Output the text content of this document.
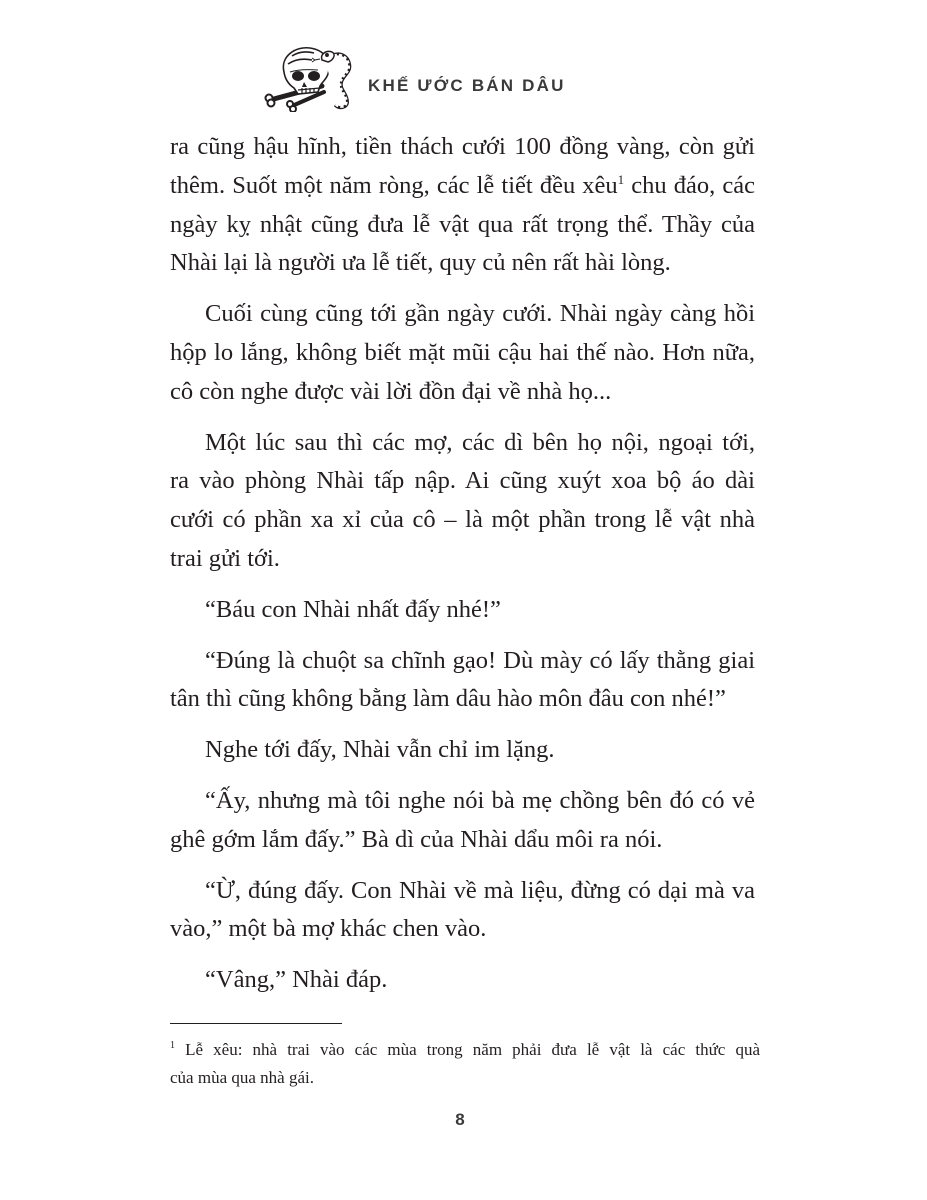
KHẾ ƯỚC BÁN DÂU

ra cũng hậu hĩnh, tiền thách cưới 100 đồng vàng, còn gửi
thêm. Suốt một năm ròng, các lễ tiết đều xêu$^1$ chu đáo, các
ngày kỵ nhật cũng đưa lễ vật qua rất trọng thể. Thầy của
Nhài lại là người ưa lễ tiết, quy củ nên rất hài lòng.

Cuối cùng cũng tới gần ngày cưới. Nhài ngày càng hồi
hộp lo lắng, không biết mặt mũi cậu hai thế nào. Hơn nữa,
cô còn nghe được vài lời đồn đại về nhà họ...

Một lúc sau thì các mợ, các dì bên họ nội, ngoại tới,
ra vào phòng Nhài tấp nập. Ai cũng xuýt xoa bộ áo dài
cưới có phần xa xỉ của cô – là một phần trong lễ vật nhà
trai gửi tới.

“Báu con Nhài nhất đấy nhé!”

“Đúng là chuột sa chĩnh gạo! Dù mày có lấy thằng giai
tân thì cũng không bằng làm dâu hào môn đâu con nhé!”

Nghe tới đấy, Nhài vẫn chỉ im lặng.

“Ấy, nhưng mà tôi nghe nói bà mẹ chồng bên đó có vẻ
ghê gớm lắm đấy.” Bà dì của Nhài dẩu môi ra nói.

“Ừ, đúng đấy. Con Nhài về mà liệu, đừng có dại mà va
vào,” một bà mợ khác chen vào.

“Vâng,” Nhài đáp.

$^1$ Lễ xêu: nhà trai vào các mùa trong năm phải đưa lễ vật là các thức quà
của mùa qua nhà gái.
8
